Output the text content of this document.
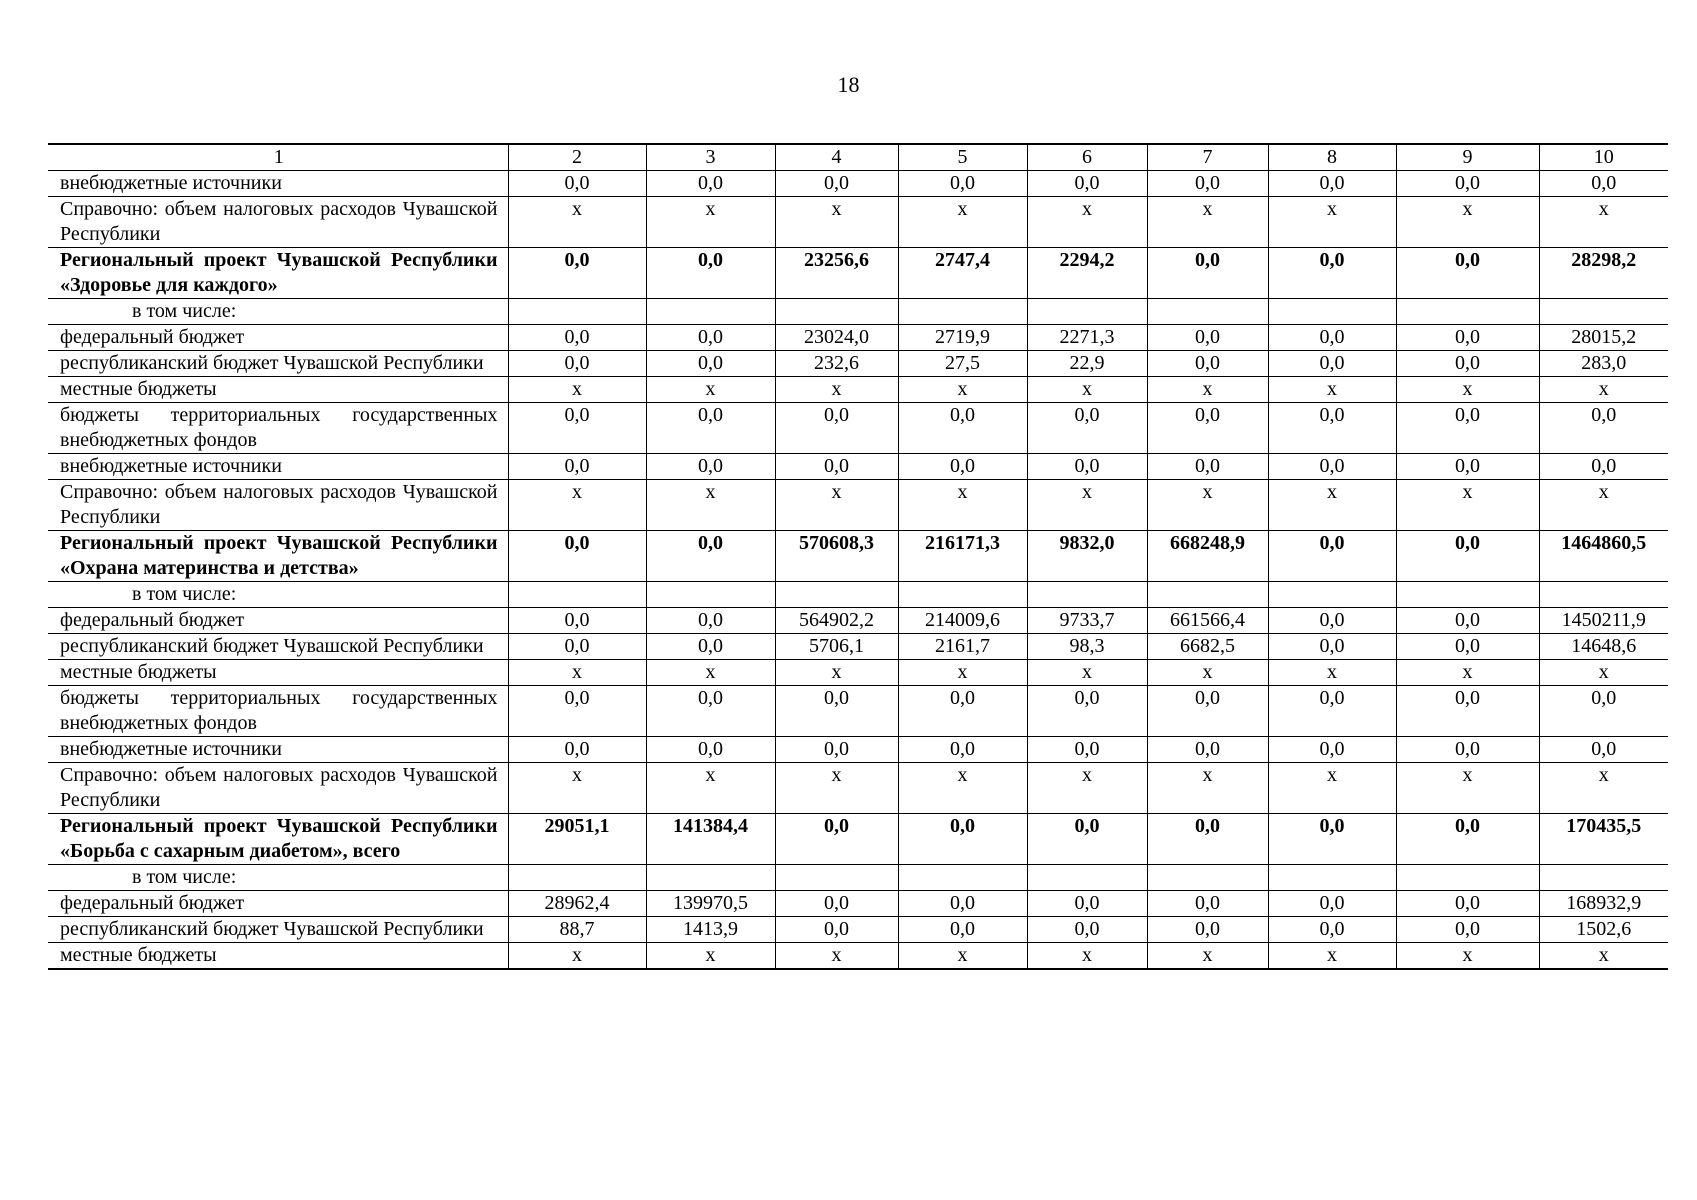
18
1	2	3	4	5	6	7	8	9	10
внебюджетные источники	0,0	0,0	0,0	0,0	0,0	0,0	0,0	0,0	0,0
Справочно: объем налоговых расходов Чувашской Республики	x	x	x	x	x	x	x	x	x
Региональный проект Чувашской Республики «Здоровье для каждого»	0,0	0,0	23256,6	2747,4	2294,2	0,0	0,0	0,0	28298,2
в том числе:									
федеральный бюджет	0,0	0,0	23024,0	2719,9	2271,3	0,0	0,0	0,0	28015,2
республиканский бюджет Чувашской Республики	0,0	0,0	232,6	27,5	22,9	0,0	0,0	0,0	283,0
местные бюджеты	x	x	x	x	x	x	x	x	x
бюджеты территориальных государственных внебюджетных фондов	0,0	0,0	0,0	0,0	0,0	0,0	0,0	0,0	0,0
внебюджетные источники	0,0	0,0	0,0	0,0	0,0	0,0	0,0	0,0	0,0
Справочно: объем налоговых расходов Чувашской Республики	x	x	x	x	x	x	x	x	x
Региональный проект Чувашской Республики «Охрана материнства и детства»	0,0	0,0	570608,3	216171,3	9832,0	668248,9	0,0	0,0	1464860,5
в том числе:									
федеральный бюджет	0,0	0,0	564902,2	214009,6	9733,7	661566,4	0,0	0,0	1450211,9
республиканский бюджет Чувашской Республики	0,0	0,0	5706,1	2161,7	98,3	6682,5	0,0	0,0	14648,6
местные бюджеты	x	x	x	x	x	x	x	x	x
бюджеты территориальных государственных внебюджетных фондов	0,0	0,0	0,0	0,0	0,0	0,0	0,0	0,0	0,0
внебюджетные источники	0,0	0,0	0,0	0,0	0,0	0,0	0,0	0,0	0,0
Справочно: объем налоговых расходов Чувашской Республики	x	x	x	x	x	x	x	x	x
Региональный проект Чувашской Республики «Борьба с сахарным диабетом», всего	29051,1	141384,4	0,0	0,0	0,0	0,0	0,0	0,0	170435,5
в том числе:									
федеральный бюджет	28962,4	139970,5	0,0	0,0	0,0	0,0	0,0	0,0	168932,9
республиканский бюджет Чувашской Республики	88,7	1413,9	0,0	0,0	0,0	0,0	0,0	0,0	1502,6
местные бюджеты	x	x	x	x	x	x	x	x	x
